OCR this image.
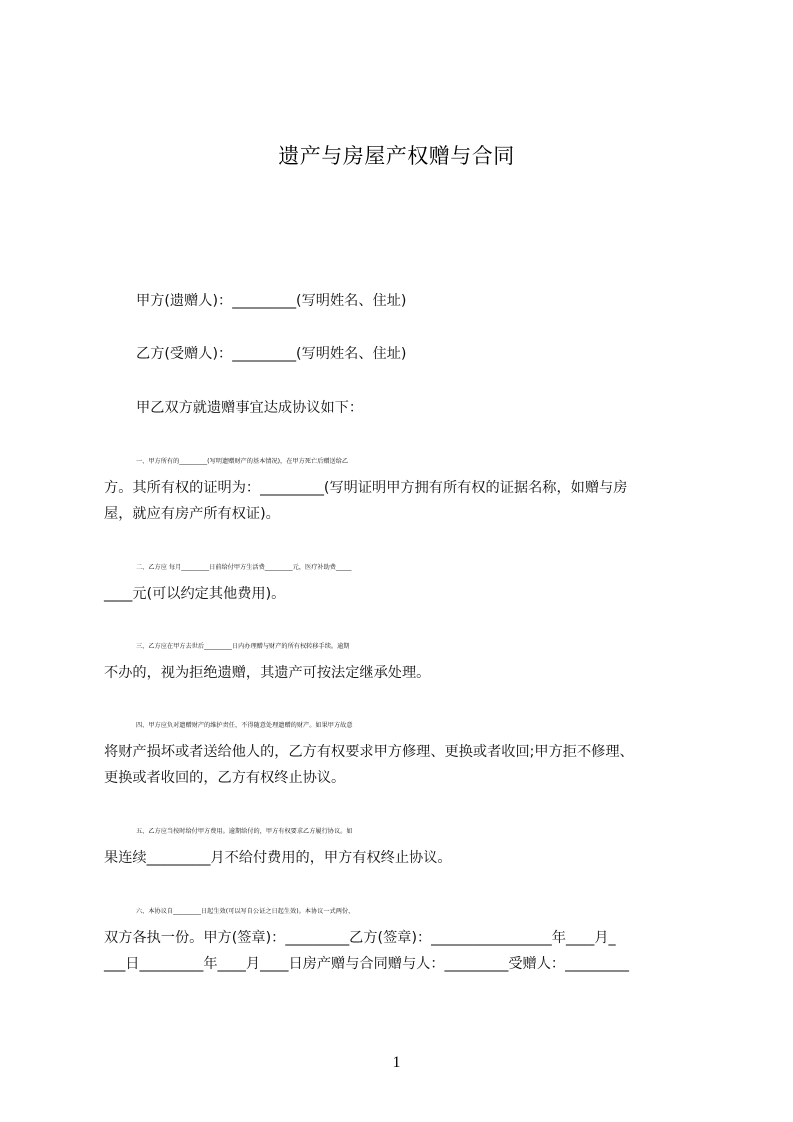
遗产与房屋产权赠与合同
甲方(遗赠人)：_________(写明姓名、住址)
乙方(受赠人)：_________(写明姓名、住址)
甲乙双方就遗赠事宜达成协议如下：
一、甲方所有的_________(写明遗赠财产的基本情况)，在甲方死亡后赠送给乙
方。其所有权的证明为：_________(写明证明甲方拥有所有权的证据名称，如赠与房
屋，就应有房产所有权证)。
二、乙方应 每月_________日前给付甲方生活费_________元，医疗补助费_____
____元(可以约定其他费用)。
三、乙方应在甲方去世后_________日内办理赠与财产的所有权转移手续。逾期
不办的，视为拒绝遗赠，其遗产可按法定继承处理。
四、甲方应负对遗赠财产的维护责任，不得随意处理遗赠的财产。如果甲方故意
将财产损坏或者送给他人的，乙方有权要求甲方修理、更换或者收回;甲方拒不修理、
更换或者收回的，乙方有权终止协议。
五、乙方应当按时给付甲方费用。逾期给付的，甲方有权要求乙方履行协议。如
果连续_________月不给付费用的，甲方有权终止协议。
六、本协议自_________日起生效(可以写自公证之日起生效)。本协议一式两份，
双方各执一份。甲方(签章)：_________乙方(签章)：_________________年____月_
___日_________年____月____日房产赠与合同赠与人：_________受赠人：_________
1
